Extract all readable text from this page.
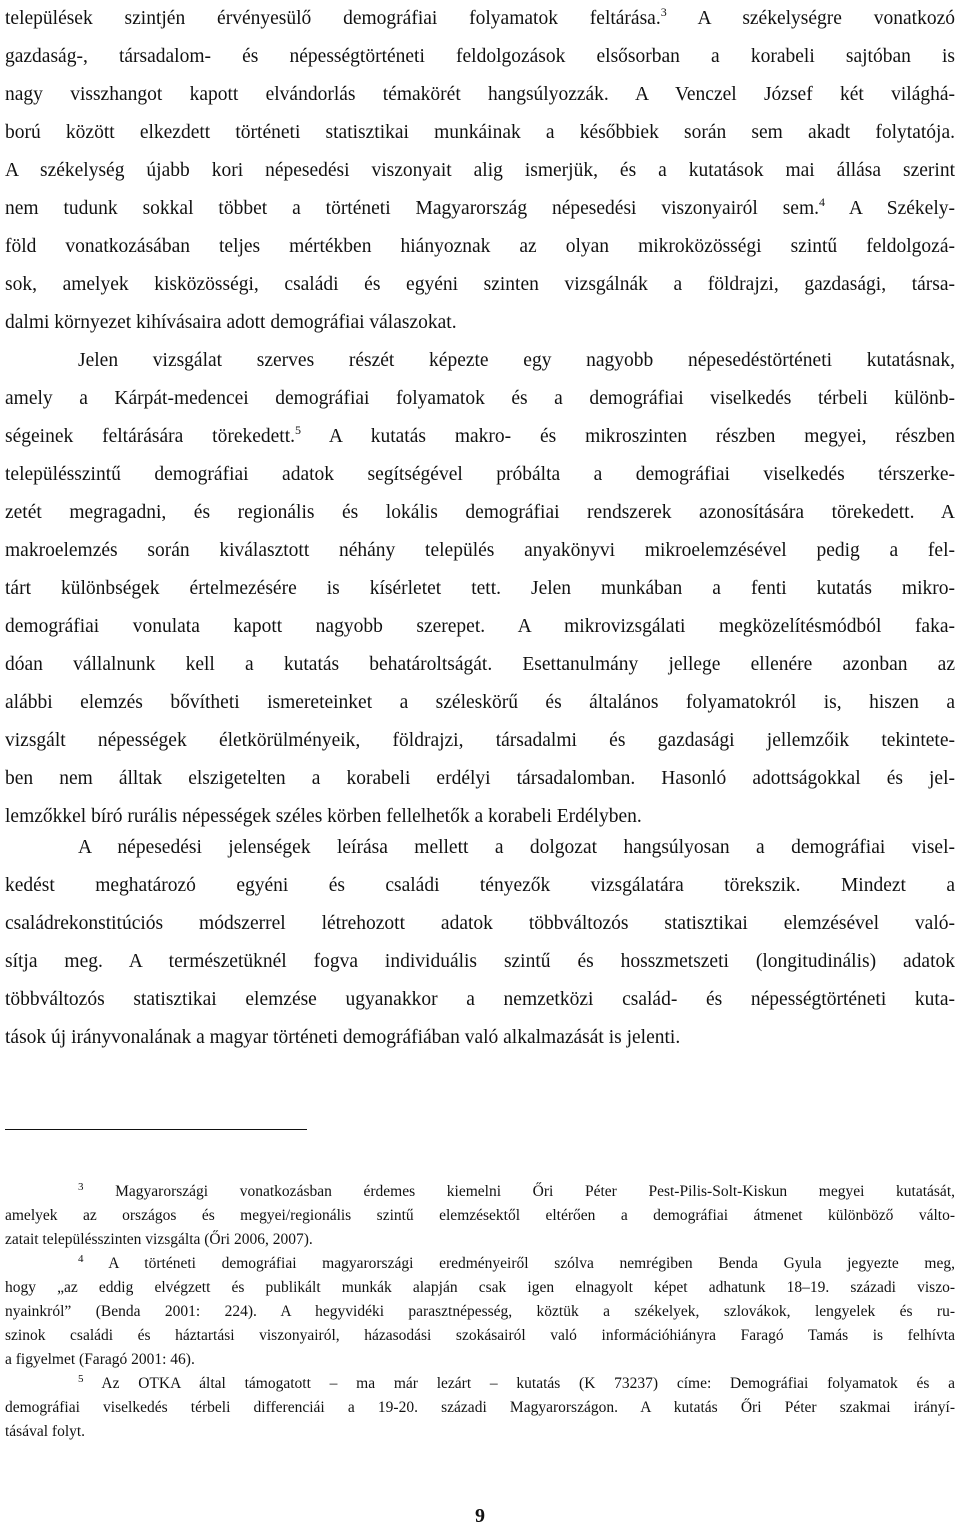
települések szintjén érvényesülő demográfiai folyamatok feltárása.$^3$ A székelységre vonatkozó
gazdaság-, társadalom- és népességtörténeti feldolgozások elsősorban a korabeli sajtóban is
nagy visszhangot kapott elvándorlás témakörét hangsúlyozzák. A Venczel József két világhá-
ború között elkezdett történeti statisztikai munkáinak a későbbiek során sem akadt folytatója.
A székelység újabb kori népesedési viszonyait alig ismerjük, és a kutatások mai állása szerint
nem tudunk sokkal többet a történeti Magyarország népesedési viszonyairól sem.$^4$ A Székely-
föld vonatkozásában teljes mértékben hiányoznak az olyan mikroközösségi szintű feldolgozá-
sok, amelyek kisközösségi, családi és egyéni szinten vizsgálnák a földrajzi, gazdasági, társa-
dalmi környezet kihívásaira adott demográfiai válaszokat.
Jelen vizsgálat szerves részét képezte egy nagyobb népesedéstörténeti kutatásnak,
amely a Kárpát-medencei demográfiai folyamatok és a demográfiai viselkedés térbeli különb-
ségeinek feltárására törekedett.$^5$ A kutatás makro- és mikroszinten részben megyei, részben
településszintű demográfiai adatok segítségével próbálta a demográfiai viselkedés térszerke-
zetét megragadni, és regionális és lokális demográfiai rendszerek azonosítására törekedett. A
makroelemzés során kiválasztott néhány település anyakönyvi mikroelemzésével pedig a fel-
tárt különbségek értelmezésére is kísérletet tett. Jelen munkában a fenti kutatás mikro-
demográfiai vonulata kapott nagyobb szerepet. A mikrovizsgálati megközelítésmódból faka-
dóan vállalnunk kell a kutatás behatároltságát. Esettanulmány jellege ellenére azonban az
alábbi elemzés bővítheti ismereteinket a széleskörű és általános folyamatokról is, hiszen a
vizsgált népességek életkörülményeik, földrajzi, társadalmi és gazdasági jellemzőik tekintete-
ben nem álltak elszigetelten a korabeli erdélyi társadalomban. Hasonló adottságokkal és jel-
lemzőkkel bíró rurális népességek széles körben fellelhetők a korabeli Erdélyben.
A népesedési jelenségek leírása mellett a dolgozat hangsúlyosan a demográfiai visel-
kedést meghatározó egyéni és családi tényezők vizsgálatára törekszik. Mindezt a
családrekonstitúciós módszerrel létrehozott adatok többváltozós statisztikai elemzésével való-
sítja meg. A természetüknél fogva individuális szintű és hosszmetszeti (longitudinális) adatok
többváltozós statisztikai elemzése ugyanakkor a nemzetközi család- és népességtörténeti kuta-
tások új irányvonalának a magyar történeti demográfiában való alkalmazását is jelenti.
$^3$ Magyarországi vonatkozásban érdemes kiemelni Őri Péter Pest-Pilis-Solt-Kiskun megyei kutatását,
amelyek az országos és megyei/regionális szintű elemzésektől eltérően a demográfiai átmenet különböző válto-
zatait településszinten vizsgálta (Őri 2006, 2007).
$^4$ A történeti demográfiai magyarországi eredményeiről szólva nemrégiben Benda Gyula jegyezte meg,
hogy „az eddig elvégzett és publikált munkák alapján csak igen elnagyolt képet adhatunk 18–19. századi viszo-
nyainkról” (Benda 2001: 224). A hegyvidéki parasztnépesség, köztük a székelyek, szlovákok, lengyelek és ru-
szinok családi és háztartási viszonyairól, házasodási szokásairól való információhiányra Faragó Tamás is felhívta
a figyelmet (Faragó 2001: 46).
$^5$ Az OTKA által támogatott – ma már lezárt – kutatás (K 73237) címe: Demográfiai folyamatok és a
demográfiai viselkedés térbeli differenciái a 19-20. századi Magyarországon. A kutatás Őri Péter szakmai irányí-
tásával folyt.
9
